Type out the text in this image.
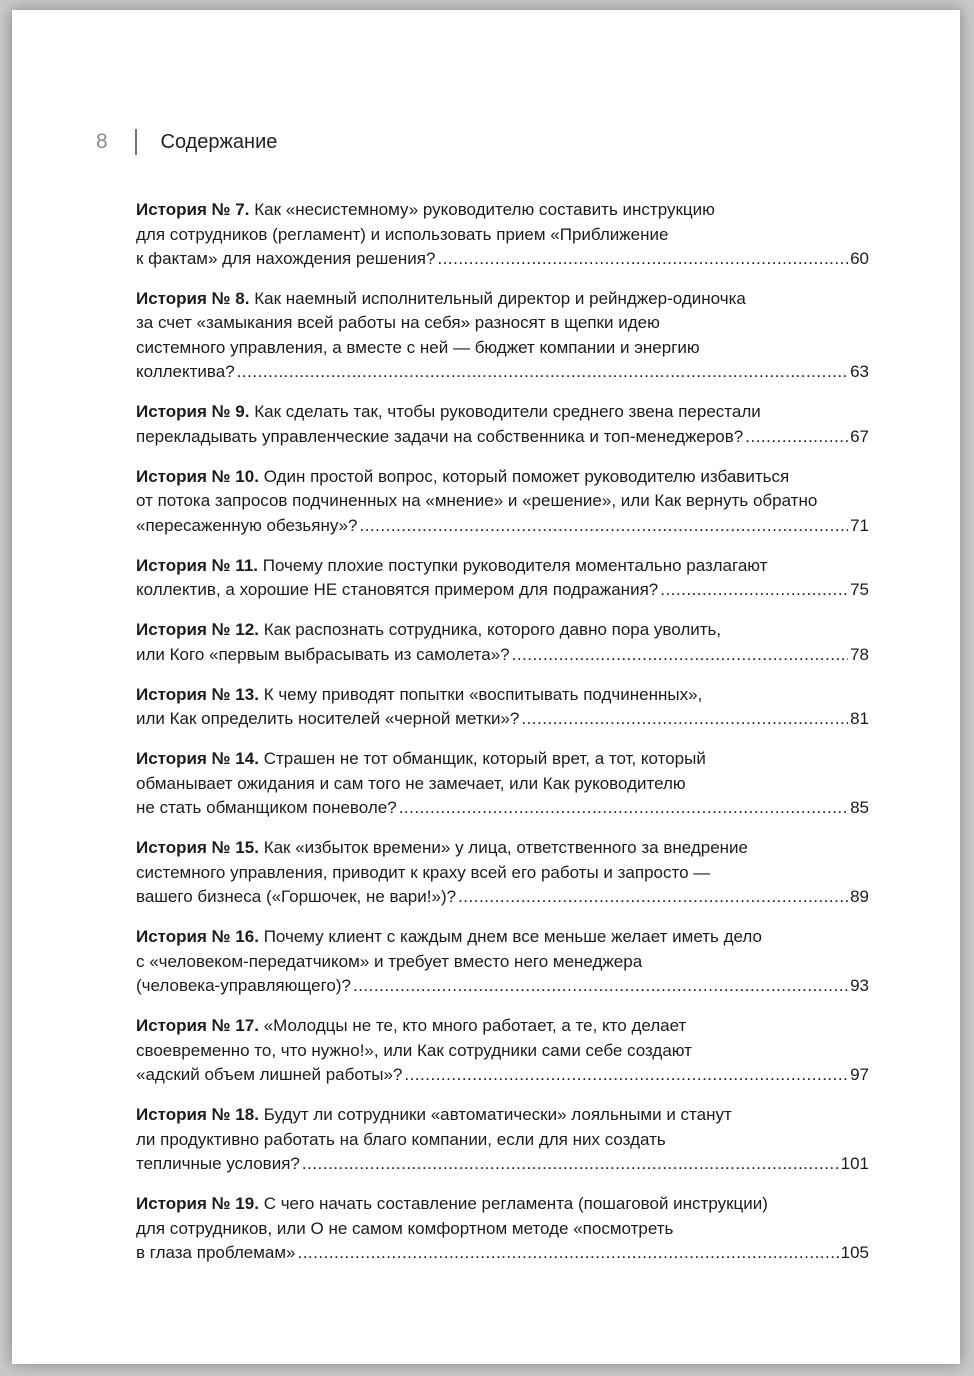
8	Содержание
История № 7. Как «несистемному» руководителю составить инструкцию
для сотрудников (регламент) и использовать прием «Приближение
к фактам» для нахождения решения? .....	60
История № 8. Как наемный исполнительный директор и рейнджер-одиночка
за счет «замыкания всей работы на себя» разносят в щепки идею
системного управления, а вместе с ней — бюджет компании и энергию
коллектива? .....	63
История № 9. Как сделать так, чтобы руководители среднего звена перестали
перекладывать управленческие задачи на собственника и топ-менеджеров? .....	67
История № 10. Один простой вопрос, который поможет руководителю избавиться
от потока запросов подчиненных на «мнение» и «решение», или Как вернуть обратно
«пересаженную обезьяну»? .....	71
История № 11. Почему плохие поступки руководителя моментально разлагают
коллектив, а хорошие НЕ становятся примером для подражания? .....	75
История № 12. Как распознать сотрудника, которого давно пора уволить,
или Кого «первым выбрасывать из самолета»? .....	78
История № 13. К чему приводят попытки «воспитывать подчиненных»,
или Как определить носителей «черной метки»? .....	81
История № 14. Страшен не тот обманщик, который врет, а тот, который
обманывает ожидания и сам того не замечает, или Как руководителю
не стать обманщиком поневоле? .....	85
История № 15. Как «избыток времени» у лица, ответственного за внедрение
системного управления, приводит к краху всей его работы и запросто —
вашего бизнеса («Горшочек, не вари!»)? .....	89
История № 16. Почему клиент с каждым днем все меньше желает иметь дело
с «человеком-передатчиком» и требует вместо него менеджера
(человека-управляющего)? .....	93
История № 17. «Молодцы не те, кто много работает, а те, кто делает
своевременно то, что нужно!», или Как сотрудники сами себе создают
«адский объем лишней работы»? .....	97
История № 18. Будут ли сотрудники «автоматически» лояльными и станут
ли продуктивно работать на благо компании, если для них создать
тепличные условия? .....	101
История № 19. С чего начать составление регламента (пошаговой инструкции)
для сотрудников, или О не самом комфортном методе «посмотреть
в глаза проблемам» .....	105
